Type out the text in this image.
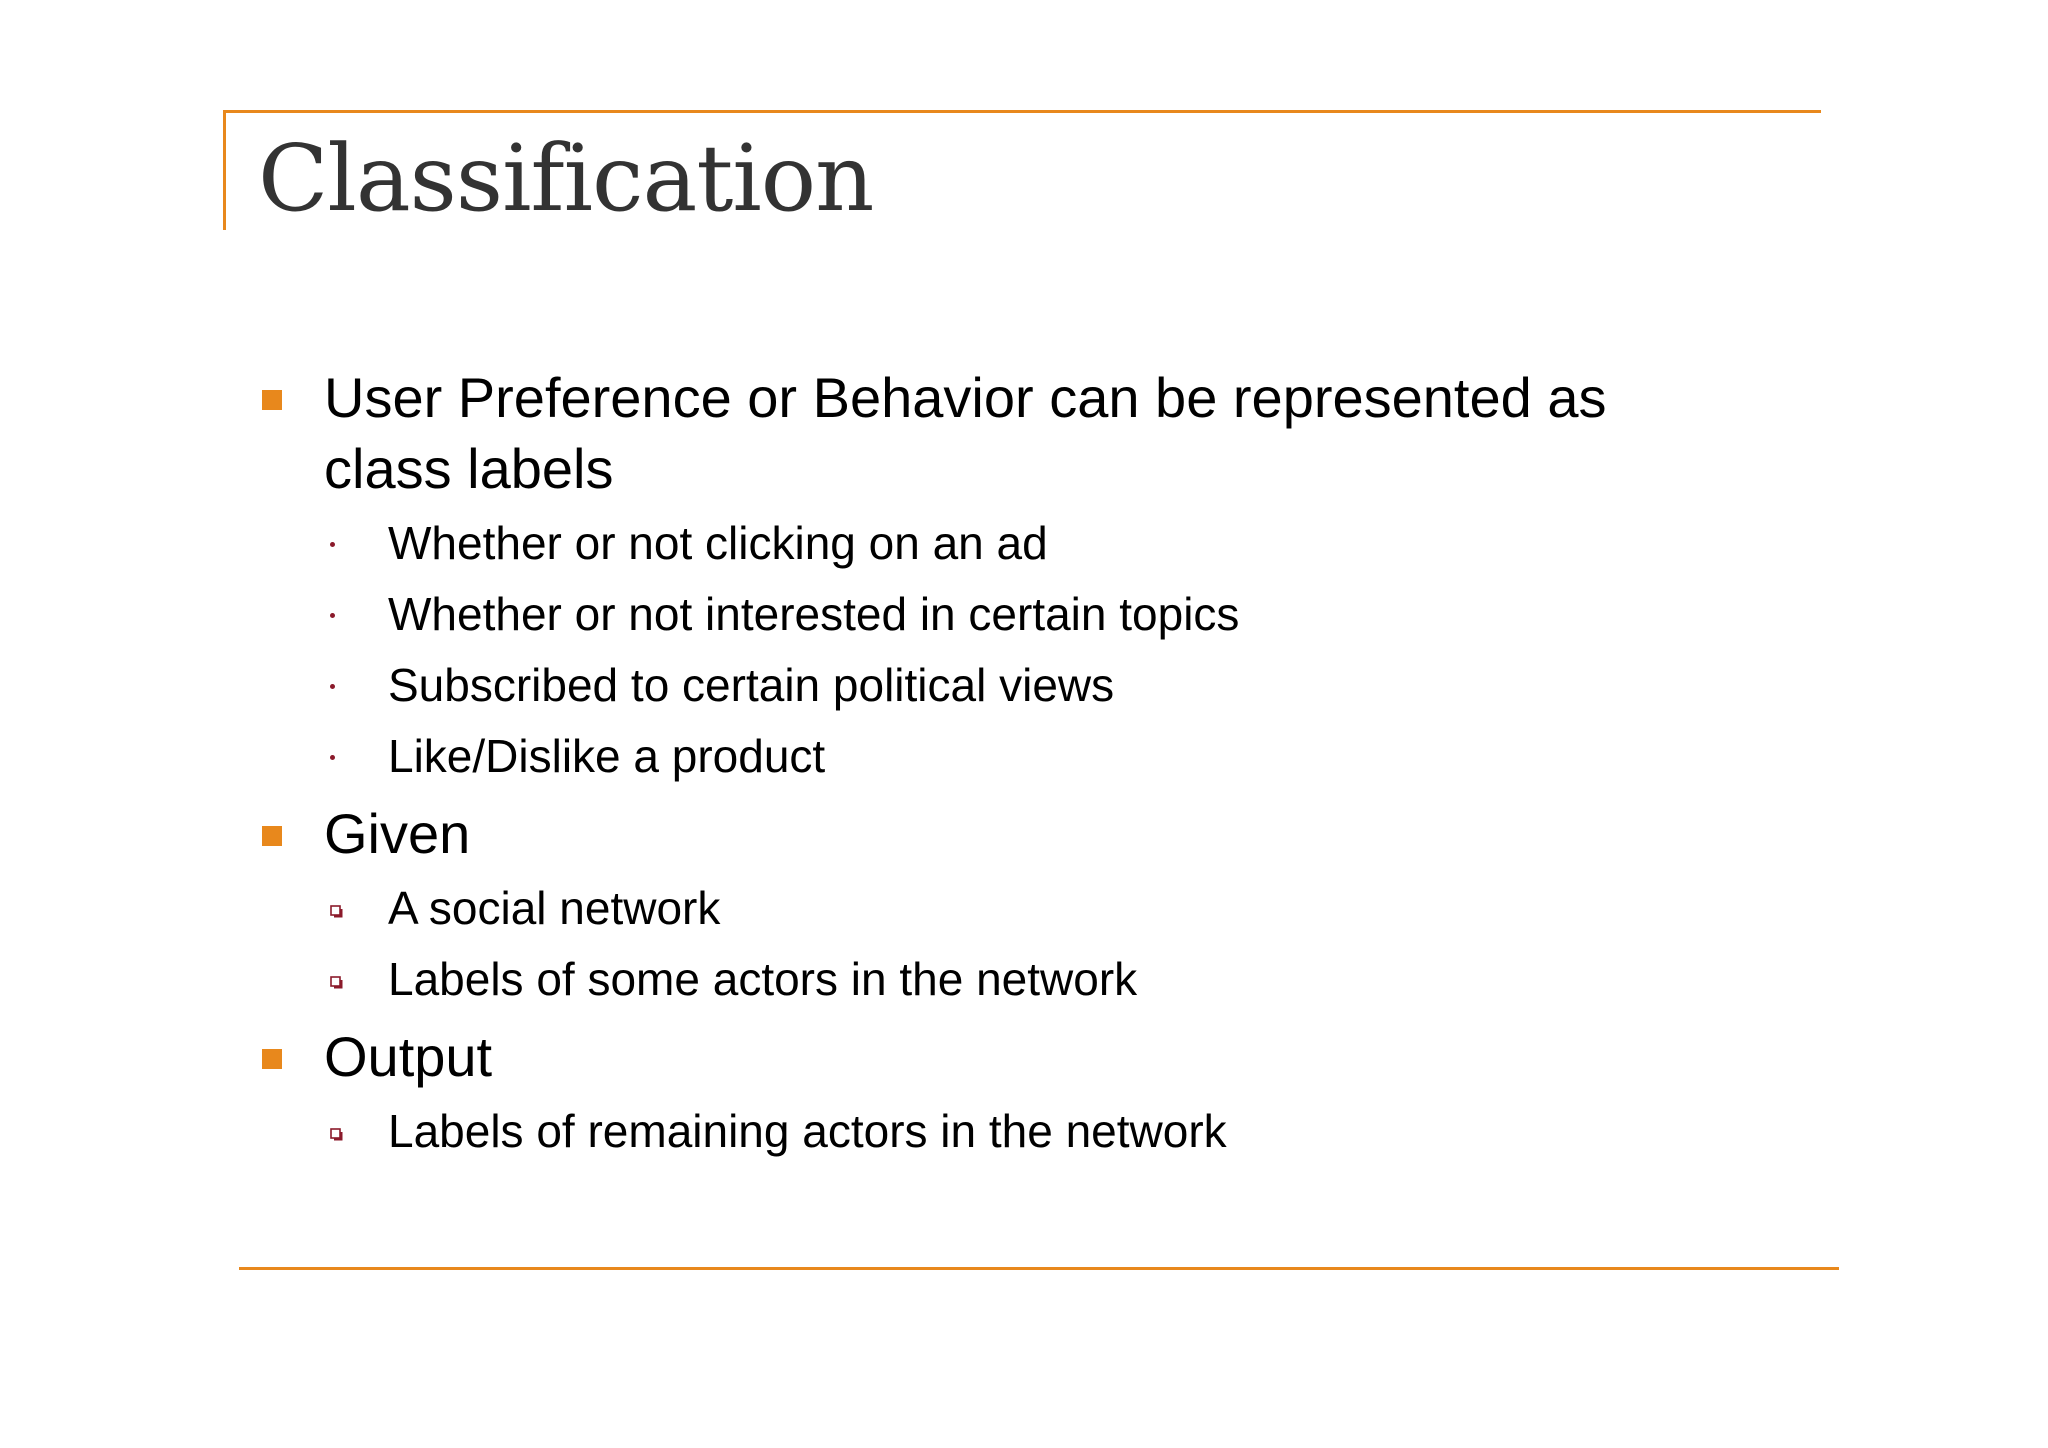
Classification
User Preference or Behavior can be represented as
class labels
Whether or not clicking on an ad
Whether or not interested in certain topics
Subscribed to certain political views
Like/Dislike a product
Given
A social network
Labels of some actors in the network
Output
Labels of remaining actors in the network
